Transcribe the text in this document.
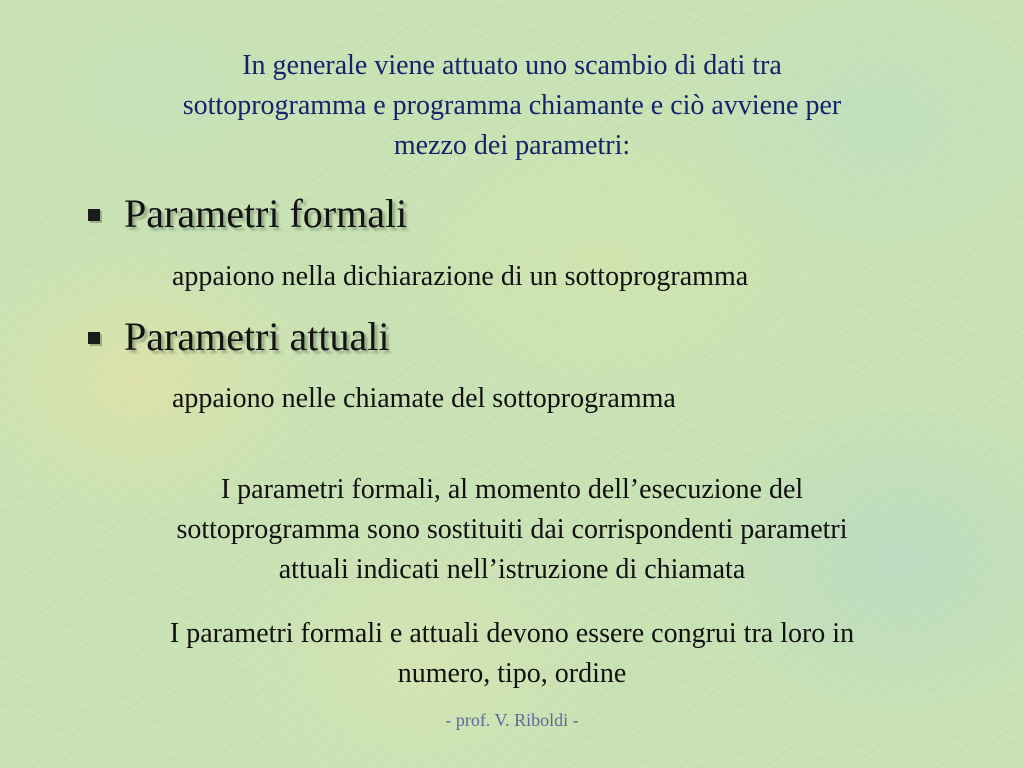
In generale viene attuato uno scambio di dati tra
sottoprogramma e programma chiamante e ciò avviene per
mezzo dei parametri:

Parametri formali

appaiono nella dichiarazione di un sottoprogramma

Parametri attuali

appaiono nelle chiamate del sottoprogramma

I parametri formali, al momento dell’esecuzione del
sottoprogramma sono sostituiti dai corrispondenti parametri
attuali indicati nell’istruzione di chiamata

I parametri formali e attuali devono essere congrui tra loro in
numero, tipo, ordine

- prof. V. Riboldi -
